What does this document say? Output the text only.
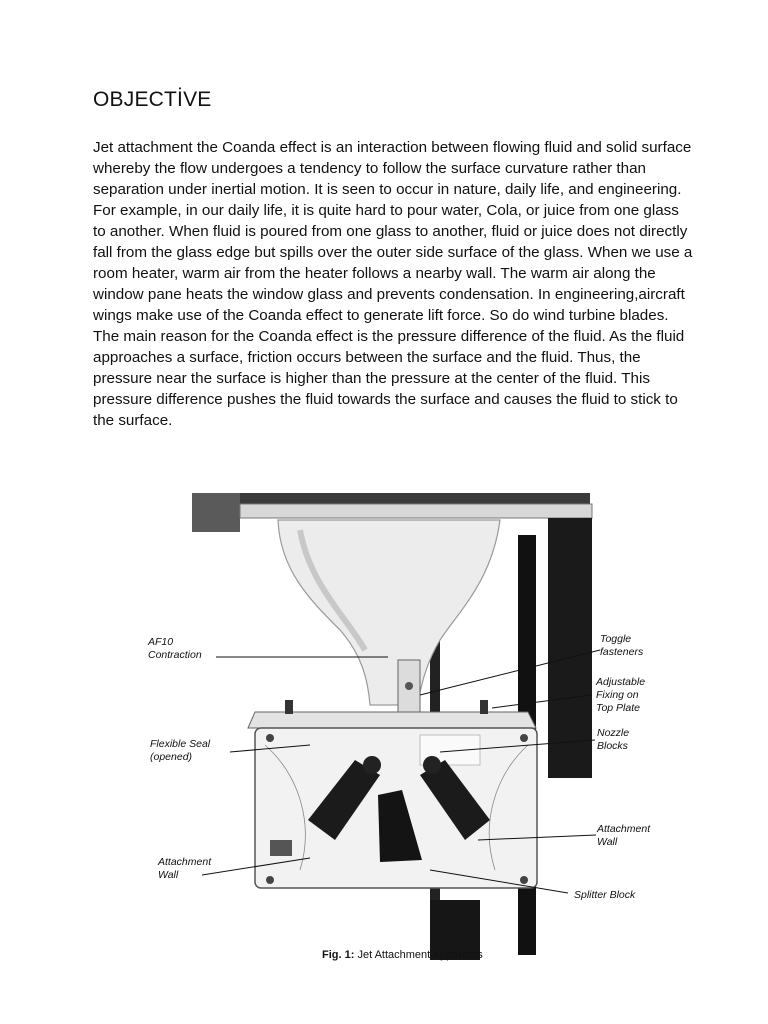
OBJECTİVE

Jet attachment the Coanda effect is an interaction between flowing fluid and solid surface whereby the flow undergoes a tendency to follow the surface curvature rather than separation under inertial motion. It is seen to occur in nature, daily life, and engineering. For example, in our daily life, it is quite hard to pour water, Cola, or juice from one glass to another. When fluid is poured from one glass to another, fluid or juice does not directly fall from the glass edge but spills over the outer side surface of the glass. When we use a room heater, warm air from the heater follows a nearby wall. The warm air along the window pane heats the window glass and prevents condensation. In engineering,aircraft wings make use of the Coanda effect to generate lift force. So do wind turbine blades.

The main reason for the Coanda effect is the pressure difference of the fluid. As the fluid approaches a surface, friction occurs between the surface and the fluid. Thus, the pressure near the surface is higher than the pressure at the center of the fluid. This pressure difference pushes the fluid towards the surface and causes the fluid to stick to the surface.

AF10
Contraction
Toggle
fasteners
Adjustable
Fixing on
Top Plate
Flexible Seal
(opened)
Nozzle
Blocks
Attachment
Wall
Attachment
Wall
Splitter Block
Fig. 1: Jet Attachment Apparatus
